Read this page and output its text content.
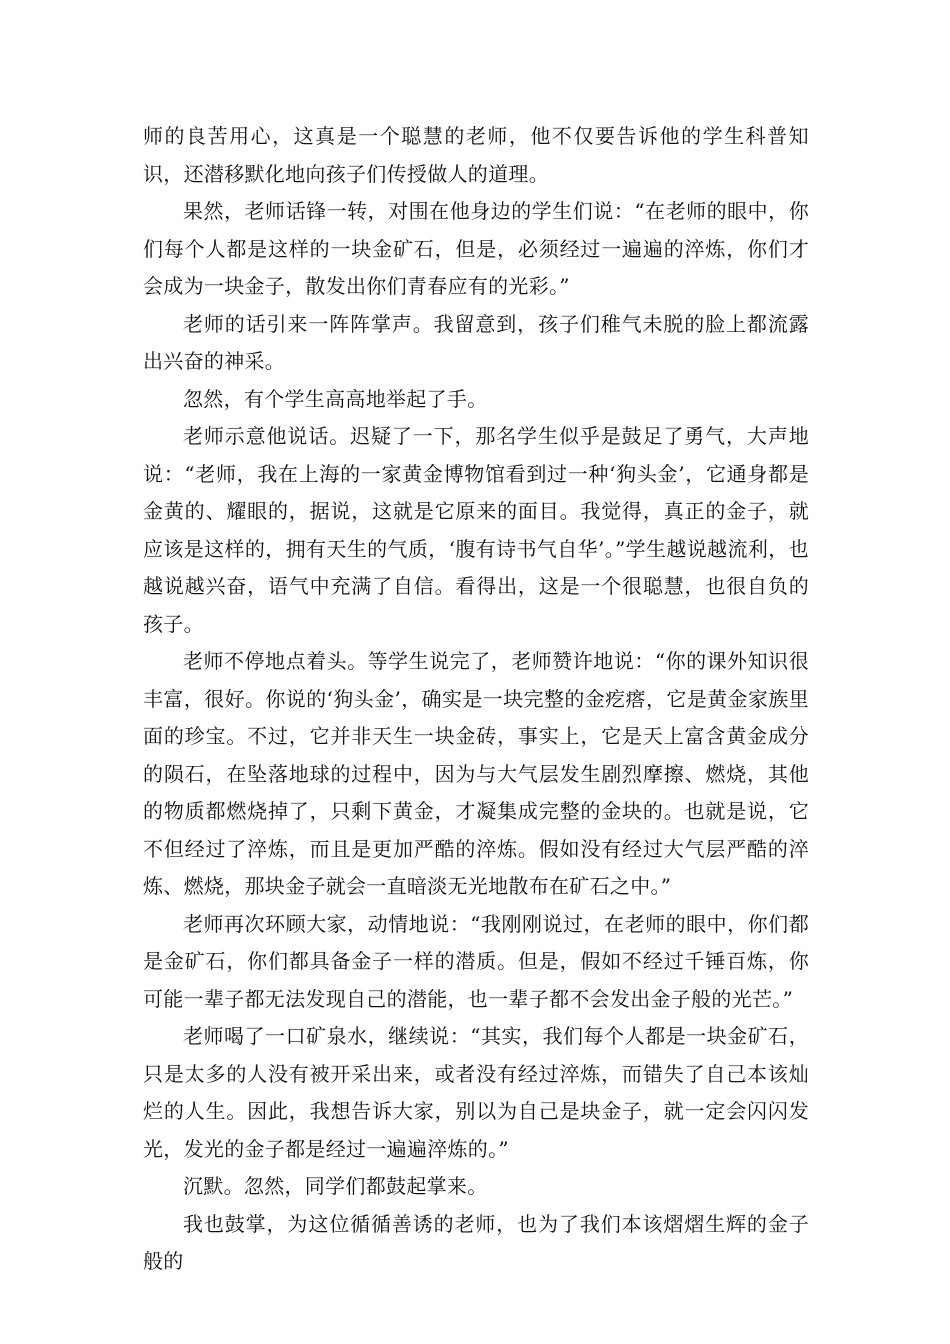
师的良苦用心，这真是一个聪慧的老师，他不仅要告诉他的学生科普知识，还潜移默化地向孩子们传授做人的道理。

果然，老师话锋一转，对围在他身边的学生们说：“在老师的眼中，你们每个人都是这样的一块金矿石，但是，必须经过一遍遍的淬炼，你们才会成为一块金子，散发出你们青春应有的光彩。”

老师的话引来一阵阵掌声。我留意到，孩子们稚气未脱的脸上都流露出兴奋的神采。

忽然，有个学生高高地举起了手。

老师示意他说话。迟疑了一下，那名学生似乎是鼓足了勇气，大声地说：“老师，我在上海的一家黄金博物馆看到过一种‘狗头金’，它通身都是金黄的、耀眼的，据说，这就是它原来的面目。我觉得，真正的金子，就应该是这样的，拥有天生的气质，‘腹有诗书气自华’。”学生越说越流利，也越说越兴奋，语气中充满了自信。看得出，这是一个很聪慧，也很自负的孩子。

老师不停地点着头。等学生说完了，老师赞许地说：“你的课外知识很丰富，很好。你说的‘狗头金’，确实是一块完整的金疙瘩，它是黄金家族里面的珍宝。不过，它并非天生一块金砖，事实上，它是天上富含黄金成分的陨石，在坠落地球的过程中，因为与大气层发生剧烈摩擦、燃烧，其他的物质都燃烧掉了，只剩下黄金，才凝集成完整的金块的。也就是说，它不但经过了淬炼，而且是更加严酷的淬炼。假如没有经过大气层严酷的淬炼、燃烧，那块金子就会一直暗淡无光地散布在矿石之中。”

老师再次环顾大家，动情地说：“我刚刚说过，在老师的眼中，你们都是金矿石，你们都具备金子一样的潜质。但是，假如不经过千锤百炼，你可能一辈子都无法发现自己的潜能，也一辈子都不会发出金子般的光芒。”

老师喝了一口矿泉水，继续说：“其实，我们每个人都是一块金矿石，只是太多的人没有被开采出来，或者没有经过淬炼，而错失了自己本该灿烂的人生。因此，我想告诉大家，别以为自己是块金子，就一定会闪闪发光，发光的金子都是经过一遍遍淬炼的。”

沉默。忽然，同学们都鼓起掌来。

我也鼓掌，为这位循循善诱的老师，也为了我们本该熠熠生辉的金子般的
